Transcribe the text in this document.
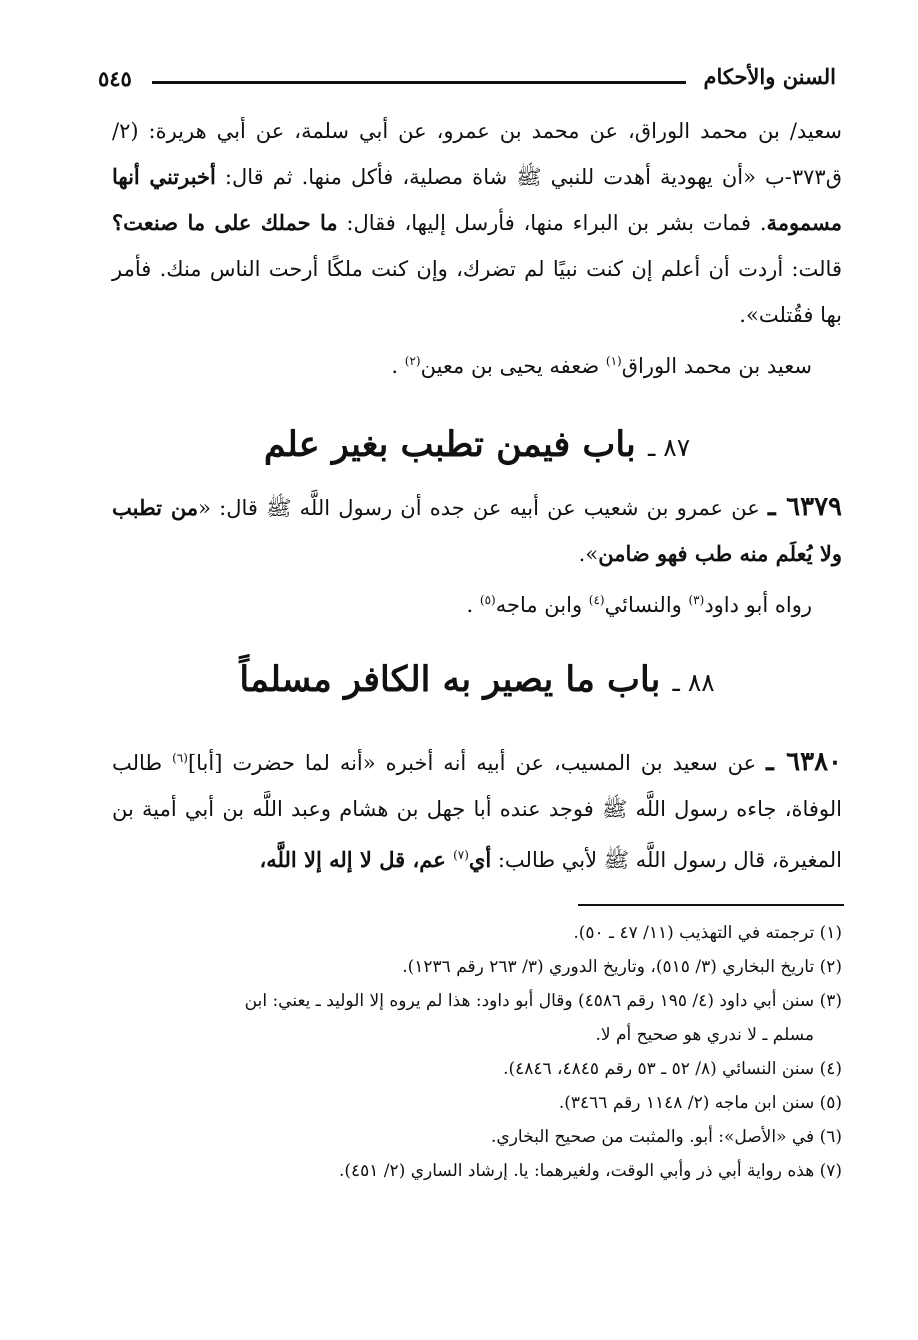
السنن والأحكام
٥٤٥

سعيد/ بن محمد الوراق، عن محمد بن عمرو، عن أبي سلمة، عن أبي هريرة: (٢/ق٣٧٣-ب «أن يهودية أهدت للنبي ﷺ شاة مصلية، فأكل منها. ثم قال: أخبرتني أنها مسمومة. فمات بشر بن البراء منها، فأرسل إليها، فقال: ما حملك على ما صنعت؟ قالت: أردت أن أعلم إن كنت نبيًا لم تضرك، وإن كنت ملكًا أرحت الناس منك. فأمر بها فقُتلت».

سعيد بن محمد الوراق$^{(١)}$ ضعفه يحيى بن معين$^{(٢)}$ .

٨٧ ـ باب فيمن تطبب بغير علم

٦٣٧٩ ـ عن عمرو بن شعيب عن أبيه عن جده أن رسول اللَّه ﷺ قال: «من تطبب ولا يُعلَم منه طب فهو ضامن».

رواه أبو داود$^{(٣)}$ والنسائي$^{(٤)}$ وابن ماجه$^{(٥)}$ .

٨٨ ـ باب ما يصير به الكافر مسلماً

٦٣٨٠ ـ عن سعيد بن المسيب، عن أبيه أنه أخبره «أنه لما حضرت [أبا]$^{(٦)}$ طالب الوفاة، جاءه رسول اللَّه ﷺ فوجد عنده أبا جهل بن هشام وعبد اللَّه بن أبي أمية بن المغيرة، قال رسول اللَّه ﷺ لأبي طالب: أي$^{(٧)}$ عم، قل لا إله إلا اللَّه،

(١) ترجمته في التهذيب (١١/ ٤٧ ـ ٥٠).

(٢) تاريخ البخاري (٣/ ٥١٥)، وتاريخ الدوري (٣/ ٢٦٣ رقم ١٢٣٦).

(٣) سنن أبي داود (٤/ ١٩٥ رقم ٤٥٨٦) وقال أبو داود: هذا لم يروه إلا الوليد ـ يعني: ابن

مسلم ـ لا ندري هو صحيح أم لا.

(٤) سنن النسائي (٨/ ٥٢ ـ ٥٣ رقم ٤٨٤٥، ٤٨٤٦).

(٥) سنن ابن ماجه (٢/ ١١٤٨ رقم ٣٤٦٦).

(٦) في «الأصل»: أبو. والمثبت من صحيح البخاري.

(٧) هذه رواية أبي ذر وأبي الوقت، ولغيرهما: يا. إرشاد الساري (٢/ ٤٥١).
